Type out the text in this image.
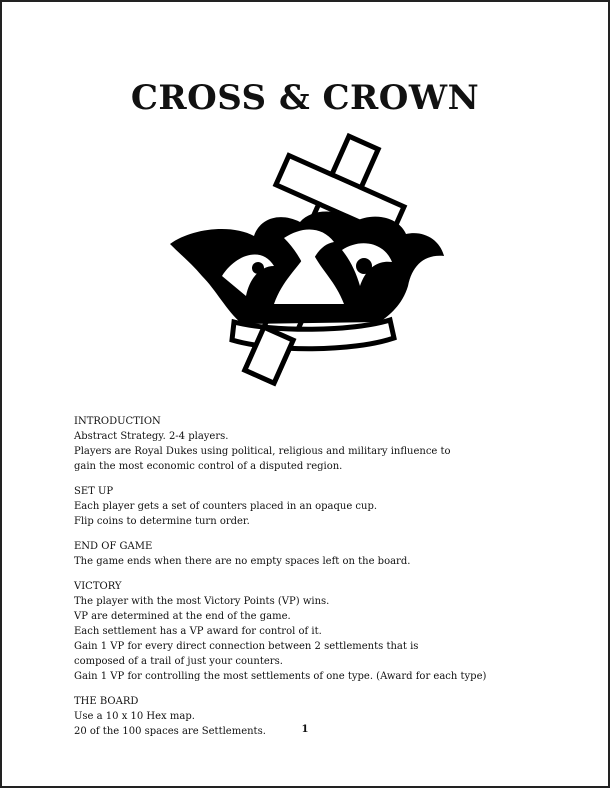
CROSS & CROWN
INTRODUCTION

Abstract Strategy. 2-4 players.

Players are Royal Dukes using political, religious and military influence to

gain the most economic control of a disputed region.

SET UP

Each player gets a set of counters placed in an opaque cup.

Flip coins to determine turn order.

END OF GAME

The game ends when there are no empty spaces left on the board.

VICTORY

The player with the most Victory Points (VP) wins.

VP are determined at the end of the game.

Each settlement has a VP award for control of it.

Gain 1 VP for every direct connection between 2 settlements that is

composed of a trail of just your counters.

Gain 1 VP for controlling the most settlements of one type. (Award for each type)

THE BOARD

Use a 10 x 10 Hex map.

20 of the 100 spaces are Settlements.	1
